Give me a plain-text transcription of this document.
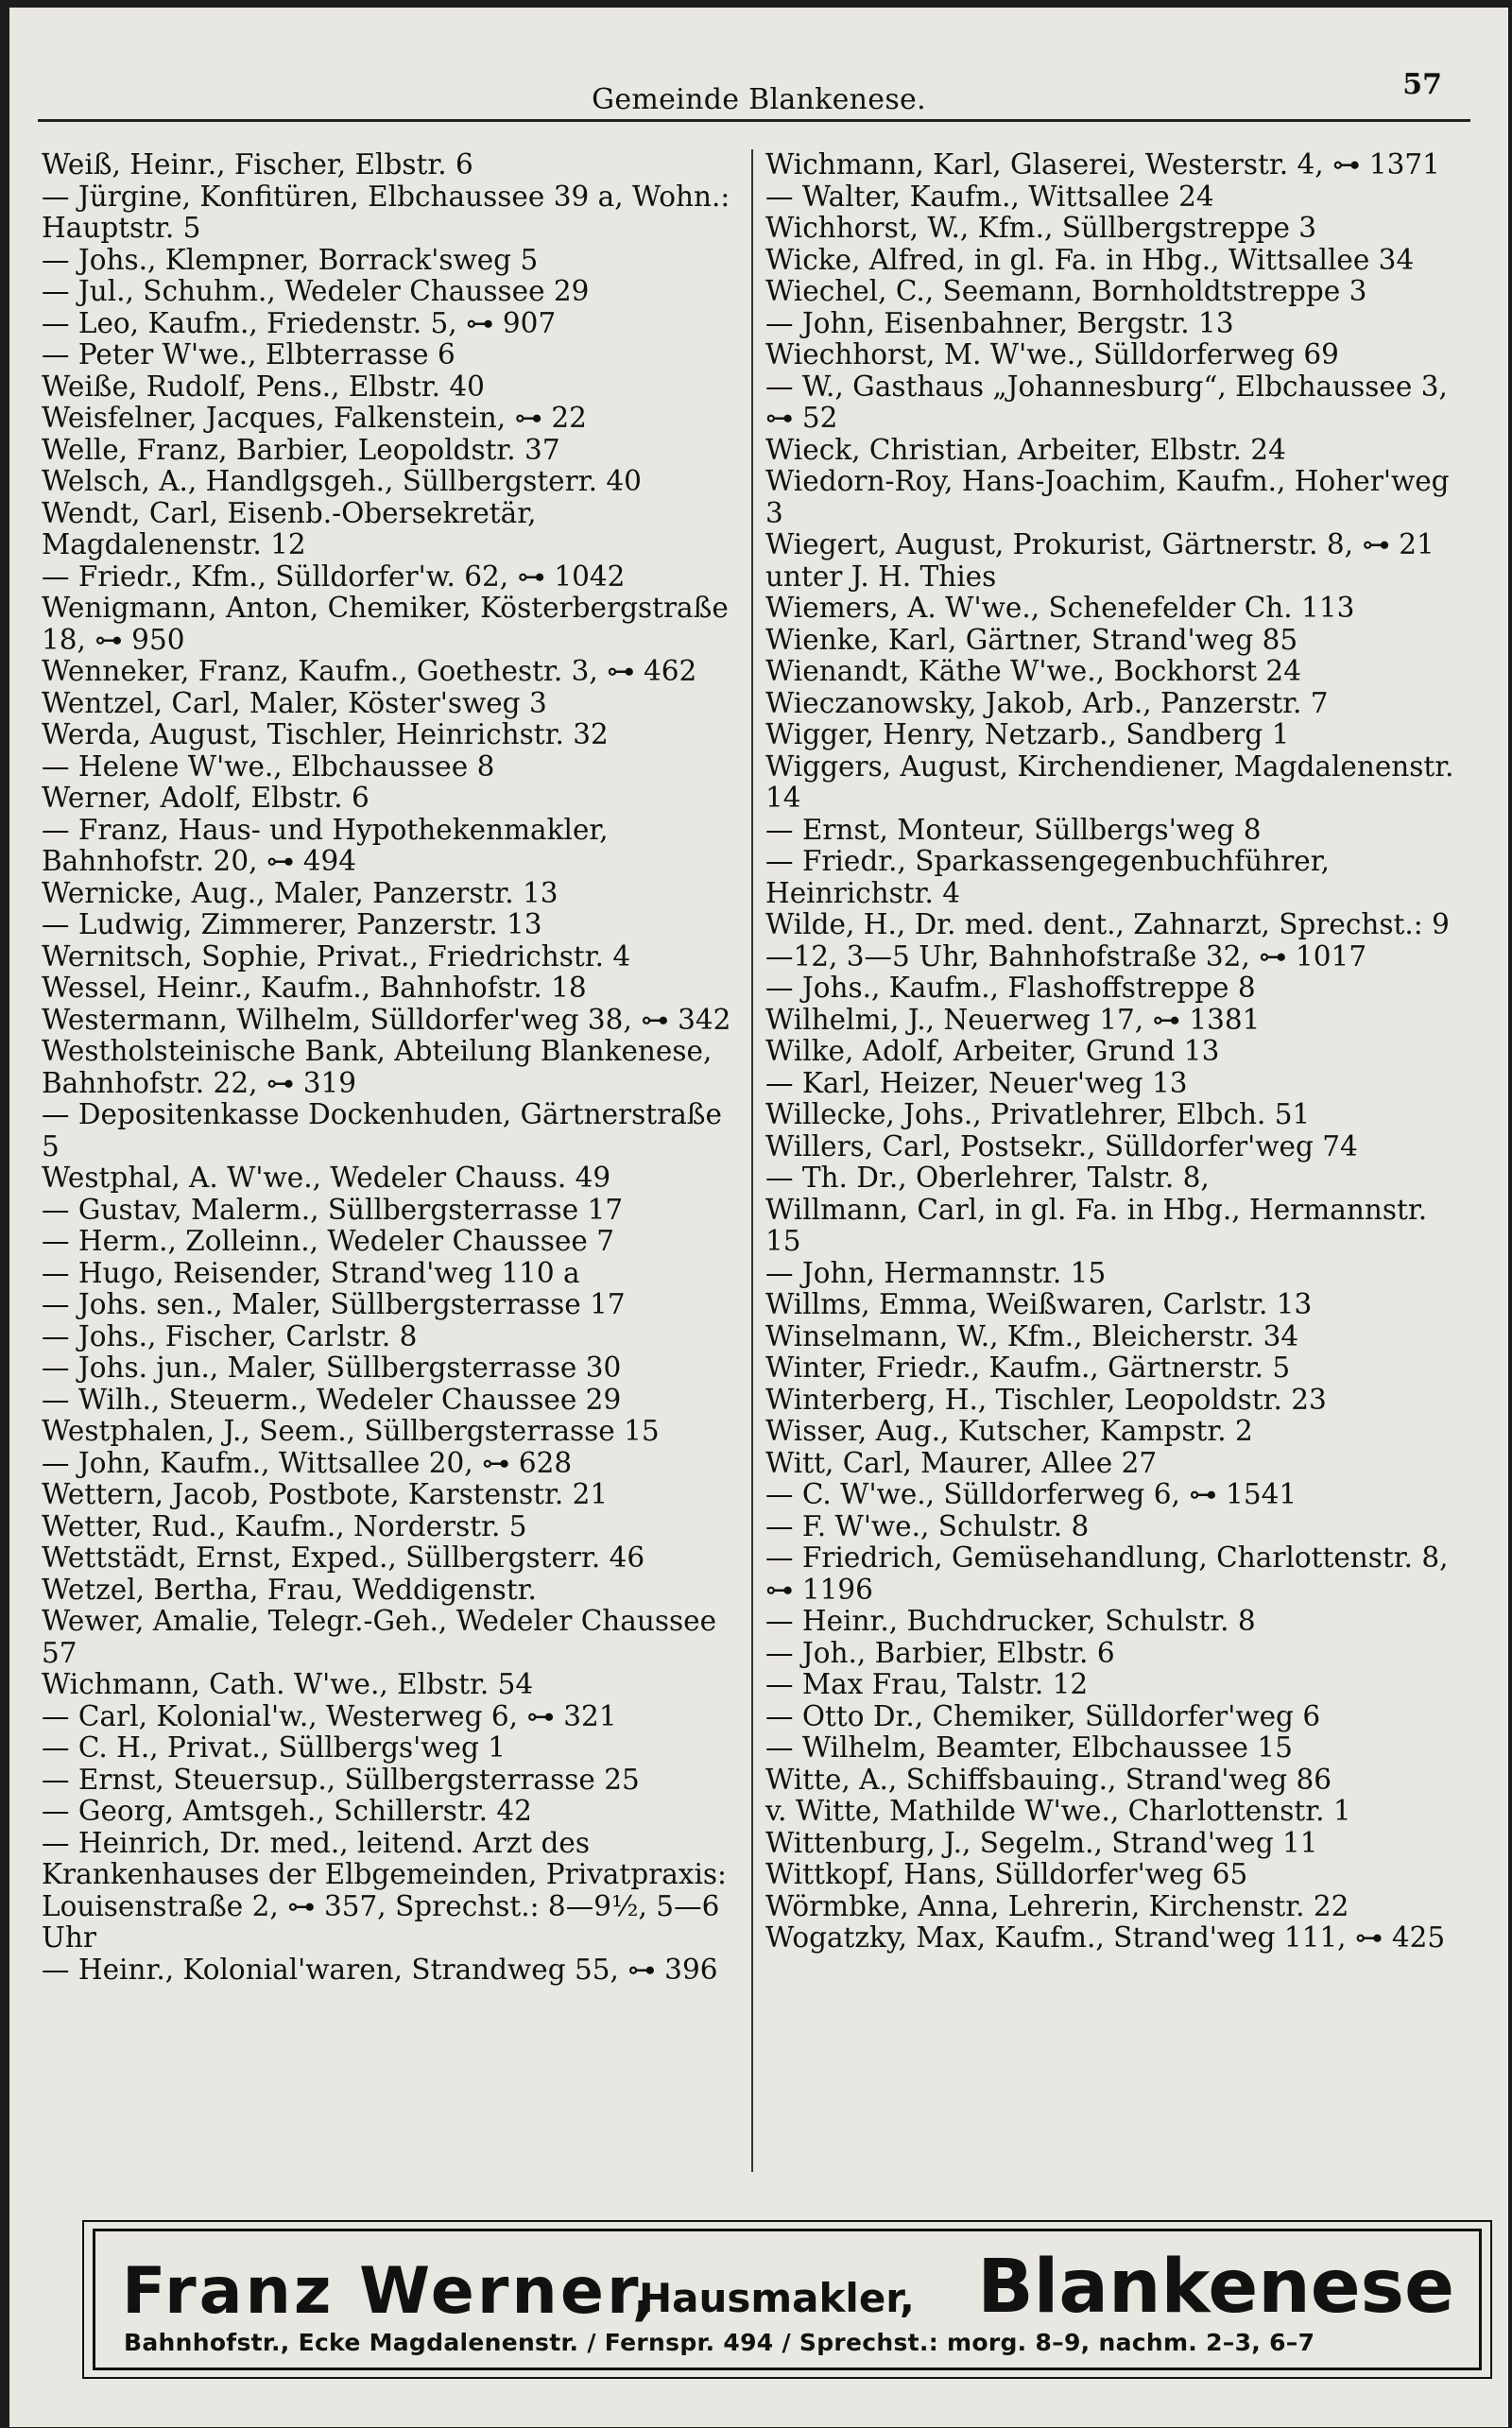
Gemeinde Blankenese.	57

Weiß, Heinr., Fischer, Elbstr. 6

— Jürgine, Konfitüren, Elbchaussee 39 a, Wohn.: Hauptstr. 5

— Johs., Klempner, Borrack'sweg 5

— Jul., Schuhm., Wedeler Chaussee 29

— Leo, Kaufm., Friedenstr. 5, ⊶ 907

— Peter W'we., Elbterrasse 6

Weiße, Rudolf, Pens., Elbstr. 40

Weisfelner, Jacques, Falkenstein, ⊶ 22

Welle, Franz, Barbier, Leopoldstr. 37

Welsch, A., Handlgsgeh., Süllbergsterr. 40

Wendt, Carl, Eisenb.-Obersekretär, Magdalenenstr. 12

— Friedr., Kfm., Sülldorfer'w. 62, ⊶ 1042

Wenigmann, Anton, Chemiker, Kösterbergstraße 18, ⊶ 950

Wenneker, Franz, Kaufm., Goethestr. 3, ⊶ 462

Wentzel, Carl, Maler, Köster'sweg 3

Werda, August, Tischler, Heinrichstr. 32

— Helene W'we., Elbchaussee 8

Werner, Adolf, Elbstr. 6

— Franz, Haus- und Hypothekenmakler, Bahnhofstr. 20, ⊶ 494

Wernicke, Aug., Maler, Panzerstr. 13

— Ludwig, Zimmerer, Panzerstr. 13

Wernitsch, Sophie, Privat., Friedrichstr. 4

Wessel, Heinr., Kaufm., Bahnhofstr. 18

Westermann, Wilhelm, Sülldorfer'weg 38, ⊶ 342

Westholsteinische Bank, Abteilung Blankenese, Bahnhofstr. 22, ⊶ 319

— Depositenkasse Dockenhuden, Gärtnerstraße 5

Westphal, A. W'we., Wedeler Chauss. 49

— Gustav, Malerm., Süllbergsterrasse 17

— Herm., Zolleinn., Wedeler Chaussee 7

— Hugo, Reisender, Strand'weg 110 a

— Johs. sen., Maler, Süllbergsterrasse 17

— Johs., Fischer, Carlstr. 8

— Johs. jun., Maler, Süllbergsterrasse 30

— Wilh., Steuerm., Wedeler Chaussee 29

Westphalen, J., Seem., Süllbergsterrasse 15

— John, Kaufm., Wittsallee 20, ⊶ 628

Wettern, Jacob, Postbote, Karstenstr. 21

Wetter, Rud., Kaufm., Norderstr. 5

Wettstädt, Ernst, Exped., Süllbergsterr. 46

Wetzel, Bertha, Frau, Weddigenstr.

Wewer, Amalie, Telegr.-Geh., Wedeler Chaussee 57

Wichmann, Cath. W'we., Elbstr. 54

— Carl, Kolonial'w., Westerweg 6, ⊶ 321

— C. H., Privat., Süllbergs'weg 1

— Ernst, Steuersup., Süllbergsterrasse 25

— Georg, Amtsgeh., Schillerstr. 42

— Heinrich, Dr. med., leitend. Arzt des Krankenhauses der Elbgemeinden, Privatpraxis: Louisenstraße 2, ⊶ 357, Sprechst.: 8—9½, 5—6 Uhr

— Heinr., Kolonial'waren, Strandweg 55, ⊶ 396

Wichmann, Karl, Glaserei, Westerstr. 4, ⊶ 1371

— Walter, Kaufm., Wittsallee 24

Wichhorst, W., Kfm., Süllbergstreppe 3

Wicke, Alfred, in gl. Fa. in Hbg., Wittsallee 34

Wiechel, C., Seemann, Bornholdtstreppe 3

— John, Eisenbahner, Bergstr. 13

Wiechhorst, M. W'we., Sülldorferweg 69

— W., Gasthaus „Johannesburg“, Elbchaussee 3, ⊶ 52

Wieck, Christian, Arbeiter, Elbstr. 24

Wiedorn-Roy, Hans-Joachim, Kaufm., Hoher'weg 3

Wiegert, August, Prokurist, Gärtnerstr. 8, ⊶ 21 unter J. H. Thies

Wiemers, A. W'we., Schenefelder Ch. 113

Wienke, Karl, Gärtner, Strand'weg 85

Wienandt, Käthe W'we., Bockhorst 24

Wieczanowsky, Jakob, Arb., Panzerstr. 7

Wigger, Henry, Netzarb., Sandberg 1

Wiggers, August, Kirchendiener, Magdalenenstr. 14

— Ernst, Monteur, Süllbergs'weg 8

— Friedr., Sparkassengegenbuchführer, Heinrichstr. 4

Wilde, H., Dr. med. dent., Zahnarzt, Sprechst.: 9—12, 3—5 Uhr, Bahnhofstraße 32, ⊶ 1017

— Johs., Kaufm., Flashoffstreppe 8

Wilhelmi, J., Neuerweg 17, ⊶ 1381

Wilke, Adolf, Arbeiter, Grund 13

— Karl, Heizer, Neuer'weg 13

Willecke, Johs., Privatlehrer, Elbch. 51

Willers, Carl, Postsekr., Sülldorfer'weg 74

— Th. Dr., Oberlehrer, Talstr. 8,

Willmann, Carl, in gl. Fa. in Hbg., Hermannstr. 15

— John, Hermannstr. 15

Willms, Emma, Weißwaren, Carlstr. 13

Winselmann, W., Kfm., Bleicherstr. 34

Winter, Friedr., Kaufm., Gärtnerstr. 5

Winterberg, H., Tischler, Leopoldstr. 23

Wisser, Aug., Kutscher, Kampstr. 2

Witt, Carl, Maurer, Allee 27

— C. W'we., Sülldorferweg 6, ⊶ 1541

— F. W'we., Schulstr. 8

— Friedrich, Gemüsehandlung, Charlottenstr. 8, ⊶ 1196

— Heinr., Buchdrucker, Schulstr. 8

— Joh., Barbier, Elbstr. 6

— Max Frau, Talstr. 12

— Otto Dr., Chemiker, Sülldorfer'weg 6

— Wilhelm, Beamter, Elbchaussee 15

Witte, A., Schiffsbauing., Strand'weg 86

v. Witte, Mathilde W'we., Charlottenstr. 1

Wittenburg, J., Segelm., Strand'weg 11

Wittkopf, Hans, Sülldorfer'weg 65

Wörmbke, Anna, Lehrerin, Kirchenstr. 22

Wogatzky, Max, Kaufm., Strand'weg 111, ⊶ 425

Franz Werner,
Hausmakler, Blankenese
Bahnhofstr., Ecke Magdalenenstr. / Fernspr. 494 / Sprechst.: morg. 8–9, nachm. 2–3, 6–7
